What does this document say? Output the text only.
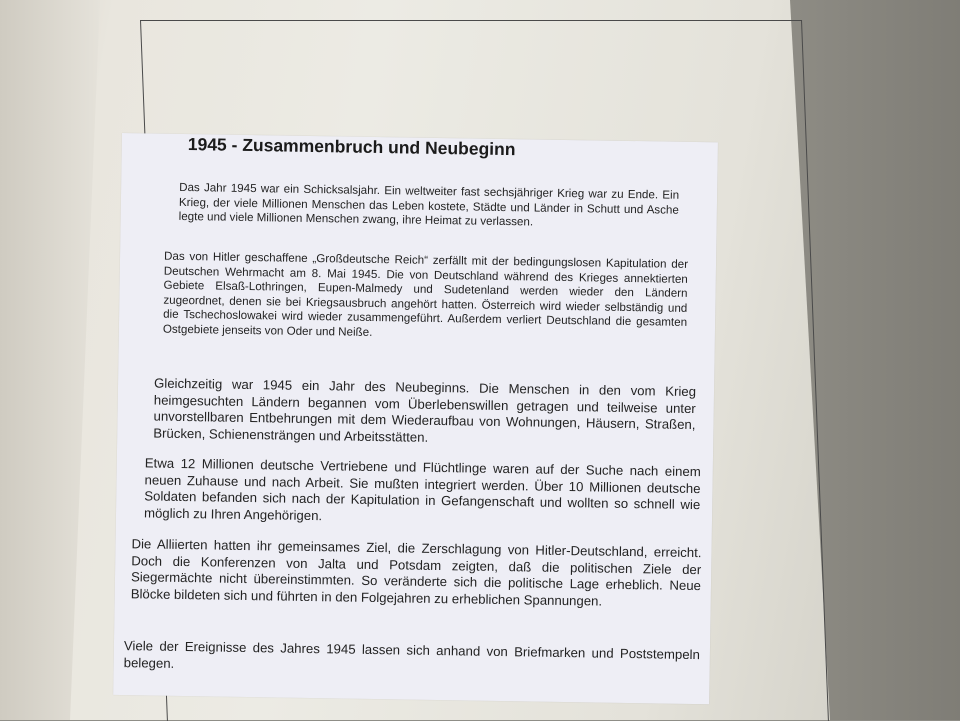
1945 - Zusammenbruch und Neubeginn
Das Jahr 1945 war ein Schicksalsjahr. Ein weltweiter fast sechsjähriger Krieg war zu Ende. Ein Krieg, der viele Millionen Menschen das Leben kostete, Städte und Länder in Schutt und Asche legte und viele Millionen Menschen zwang, ihre Heimat zu verlassen.
Das von Hitler geschaffene „Großdeutsche Reich“ zerfällt mit der bedingungslosen Kapitulation der Deutschen Wehrmacht am 8. Mai 1945. Die von Deutschland während des Krieges annektierten Gebiete Elsaß-Lothringen, Eupen-Malmedy und Sudetenland werden wieder den Ländern zugeordnet, denen sie bei Kriegsausbruch angehört hatten. Österreich wird wieder selbständig und die Tschechoslowakei wird wieder zusammengeführt. Außerdem verliert Deutschland die gesamten Ostgebiete jenseits von Oder und Neiße.
Gleichzeitig war 1945 ein Jahr des Neubeginns. Die Menschen in den vom Krieg heimgesuchten Ländern begannen vom Überlebenswillen getragen und teilweise unter unvorstellbaren Entbehrungen mit dem Wiederaufbau von Wohnungen, Häusern, Straßen, Brücken, Schienensträngen und Arbeitsstätten.
Etwa 12 Millionen deutsche Vertriebene und Flüchtlinge waren auf der Suche nach einem neuen Zuhause und nach Arbeit. Sie mußten integriert werden. Über 10 Millionen deutsche Soldaten befanden sich nach der Kapitulation in Gefangenschaft und wollten so schnell wie möglich zu Ihren Angehörigen.
Die Alliierten hatten ihr gemeinsames Ziel, die Zerschlagung von Hitler-Deutschland, erreicht. Doch die Konferenzen von Jalta und Potsdam zeigten, daß die politischen Ziele der Siegermächte nicht übereinstimmten. So veränderte sich die politische Lage erheblich. Neue Blöcke bildeten sich und führten in den Folgejahren zu erheblichen Spannungen.
Viele der Ereignisse des Jahres 1945 lassen sich anhand von Briefmarken und Poststempeln belegen.
